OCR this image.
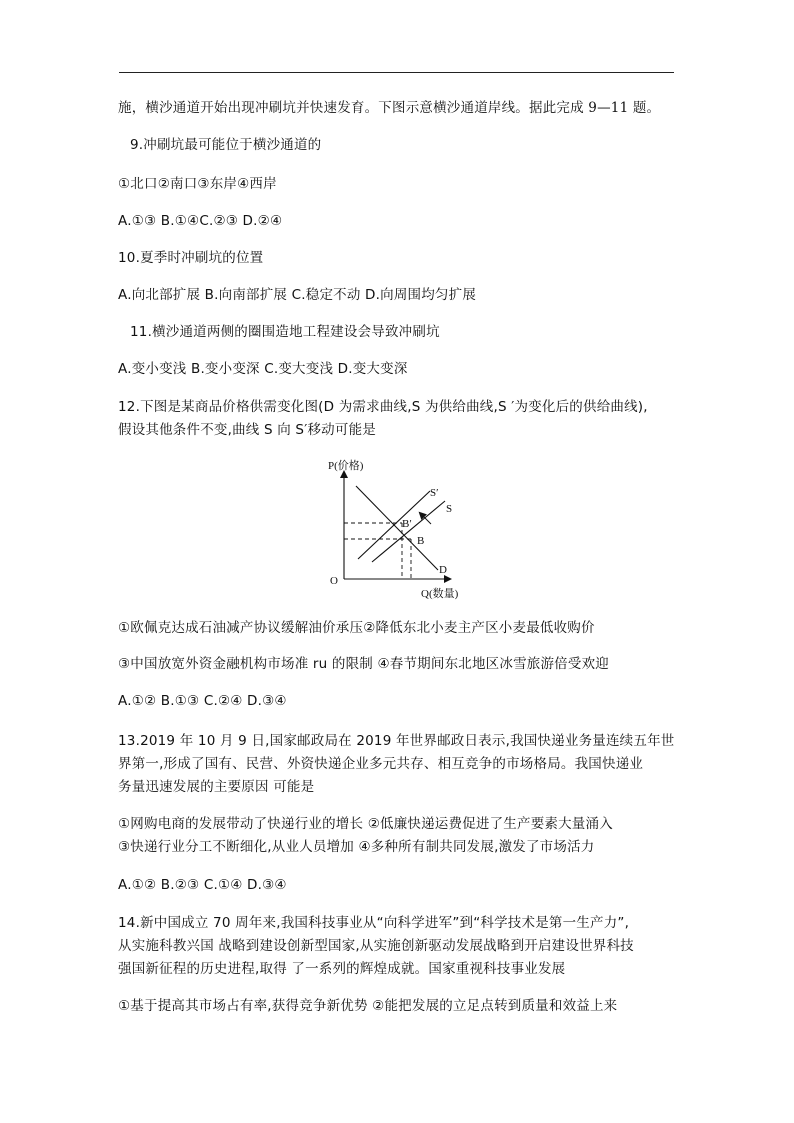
施，横沙通道开始出现冲刷坑并快速发育。下图示意横沙通道岸线。据此完成 9—11 题。
9.冲刷坑最可能位于横沙通道的
①北口②南口③东岸④西岸
A.①③ B.①④C.②③ D.②④
10.夏季时冲刷坑的位置
A.向北部扩展 B.向南部扩展 C.稳定不动 D.向周围均匀扩展
11.横沙通道两侧的圈围造地工程建设会导致冲刷坑
A.变小变浅 B.变小变深 C.变大变浅 D.变大变深
12.下图是某商品价格供需变化图(D 为需求曲线,S 为供给曲线,S ′为变化后的供给曲线),
假设其他条件不变,曲线 S 向 S′移动可能是
P(价格)
Q(数量)
O
S′
S
B′
B
D
①欧佩克达成石油减产协议缓解油价承压②降低东北小麦主产区小麦最低收购价
③中国放宽外资金融机构市场准 ru 的限制 ④春节期间东北地区冰雪旅游倍受欢迎
A.①② B.①③ C.②④ D.③④
13.2019 年 10 月 9 日,国家邮政局在 2019 年世界邮政日表示,我国快递业务量连续五年世
界第一,形成了国有、民营、外资快递企业多元共存、相互竞争的市场格局。我国快递业
务量迅速发展的主要原因 可能是
①网购电商的发展带动了快递行业的增长 ②低廉快递运费促进了生产要素大量涌入
③快递行业分工不断细化,从业人员增加 ④多种所有制共同发展,激发了市场活力
A.①② B.②③ C.①④ D.③④
14.新中国成立 70 周年来,我国科技事业从“向科学进军”到“科学技术是第一生产力”,
从实施科教兴国 战略到建设创新型国家,从实施创新驱动发展战略到开启建设世界科技
强国新征程的历史进程,取得 了一系列的辉煌成就。国家重视科技事业发展
①基于提高其市场占有率,获得竞争新优势 ②能把发展的立足点转到质量和效益上来
